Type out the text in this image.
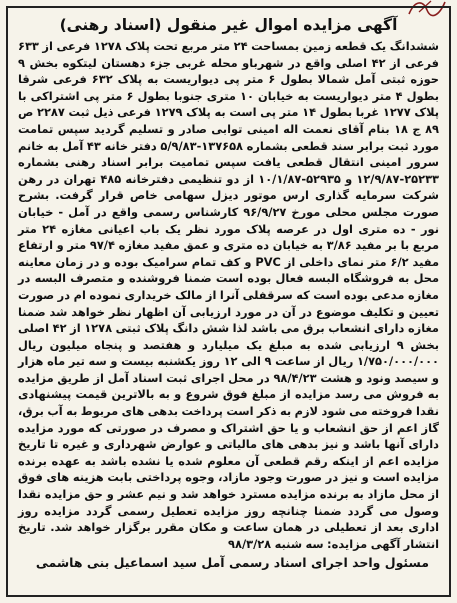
آگهی مزایده اموال غیر منقول (اسناد رهنی)

ششدانگ یک قطعه زمین بمساحت ۲۴ متر مربع تحت پلاک ۱۲۷۸ فرعی از ۶۳۳ فرعی از ۴۲ اصلی واقع در شهرباو محله غربی جزء دهستان لیتکوه بخش ۹ حوزه ثبتی آمل شمالا بطول ۶ متر پی دیواریست به پلاک ۶۳۲ فرعی شرقا بطول ۴ متر دیواریست به خیابان ۱۰ متری جنوبا بطول ۶ متر پی اشتراکی با پلاک ۱۲۷۷ غربا بطول ۱۴ متر پی است به پلاک ۱۲۷۹ فرعی ذیل ثبت ۲۲۸۷ ص ۸۹ ج ۱۸ بنام آقای نعمت اله امینی توابی صادر و تسلیم گردید سپس تمامت مورد ثبت برابر سند قطعی بشماره ۱۳۷۶۵۸-۵/۹/۸۳ دفتر خانه ۴۳ آمل به خانم سرور امینی انتقال قطعی یافت سپس تمامیت برابر اسناد رهنی بشماره ۲۵۲۳۳-۱۲/۹/۸۷ و ۵۲۹۳۵-۱۰/۱/۸۷ از دو تنظیمی دفترخانه ۴۸۵ تهران در رهن شرکت سرمایه گذاری ارس موتور دیزل سهامی خاص قرار گرفت. بشرح صورت مجلس محلی مورخ ۹۶/۹/۲۷ کارشناس رسمی واقع در آمل - خیابان نور - ده متری اول در عرصه پلاک مورد نظر یک باب اعیانی مغازه ۲۴ متر مربع با بر مفید ۳/۸۶ به خیابان ده متری و عمق مفید مغازه ۹۷/۴ متر و ارتفاع مفید ۶/۲ متر نمای داخلی از PVC و کف تمام سرامیک بوده و در زمان معاینه محل به فروشگاه البسه فعال بوده است ضمنا فروشنده و متصرف البسه در مغازه مدعی بوده است که سرقفلی آنرا از مالک خریداری نموده ام در صورت تعیین و تکلیف موضوع در آن در مورد ارزیابی آن اظهار نظر خواهد شد ضمنا مغازه دارای انشعاب برق می باشد لذا شش دانگ پلاک ثبتی ۱۲۷۸ از ۴۲ اصلی بخش ۹ ارزیابی شده به مبلغ یک میلیارد و هفتصد و پنجاه میلیون ریال ۱/۷۵۰/۰۰۰/۰۰۰ ریال از ساعت ۹ الی ۱۲ روز یکشنبه بیست و سه تیر ماه هزار و سیصد ونود و هشت ۹۸/۴/۲۳ در محل اجرای ثبت اسناد آمل از طریق مزایده به فروش می رسد مزایده از مبلغ فوق شروع و به بالاترین قیمت پیشنهادی نقدا فروخته می شود لازم به ذکر است پرداخت بدهی های مربوط به آب برق، گاز اعم از حق انشعاب و یا حق اشتراک و مصرف در صورتی که مورد مزایده دارای آنها باشد و نیز بدهی های مالیاتی و عوارض شهرداری و غیره تا تاریخ مزایده اعم از اینکه رقم قطعی آن معلوم شده یا نشده باشد به عهده برنده مزایده است و نیز در صورت وجود مازاد، وجوه پرداختی بابت هزینه های فوق از محل مازاد به برنده مزایده مسترد خواهد شد و نیم عشر و حق مزایده نقدا وصول می گردد ضمنا چنانچه روز مزایده تعطیل رسمی گردد مزایده روز اداری بعد از تعطیلی در همان ساعت و مکان مقرر برگزار خواهد شد. تاریخ انتشار آگهی مزایده: سه شنبه ۹۸/۳/۲۸

مسئول واحد اجرای اسناد رسمی آمل سید اسماعیل بنی هاشمی
